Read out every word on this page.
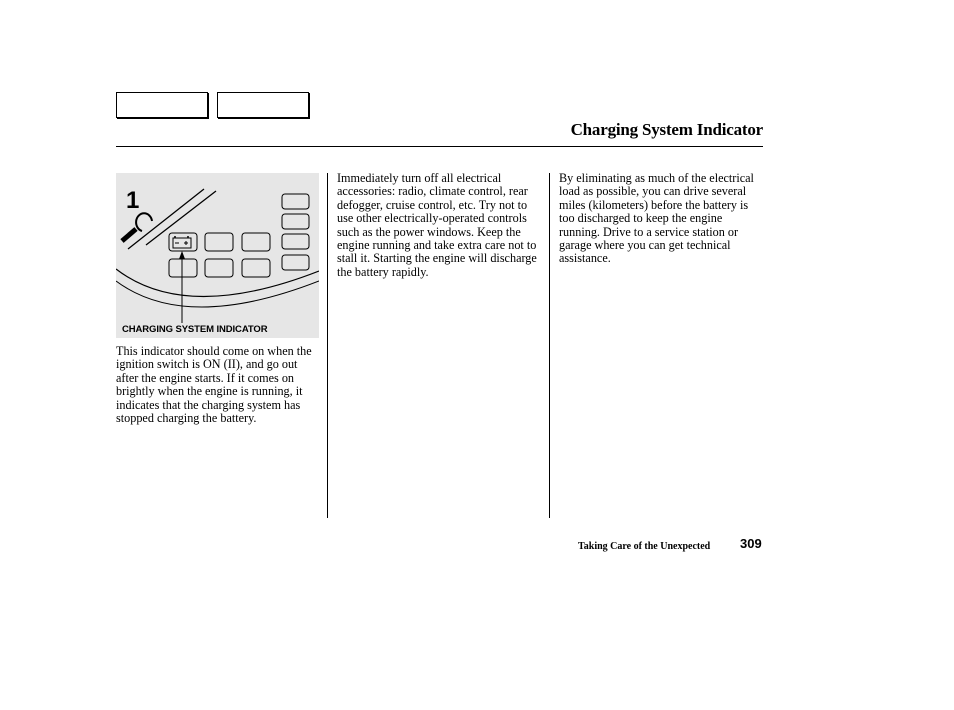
Charging System Indicator
1
CHARGING SYSTEM INDICATOR

This indicator should come on when the ignition switch is ON (II), and go out after the engine starts. If it comes on brightly when the engine is running, it indicates that the charging system has stopped charging the battery.

Immediately turn off all electrical accessories: radio, climate control, rear defogger, cruise control, etc. Try not to use other electrically-operated controls such as the power windows. Keep the engine running and take extra care not to stall it. Starting the engine will discharge the battery rapidly.

By eliminating as much of the electrical load as possible, you can drive several miles (kilometers) before the battery is too discharged to keep the engine running. Drive to a service station or garage where you can get technical assistance.

Taking Care of the Unexpected 309
